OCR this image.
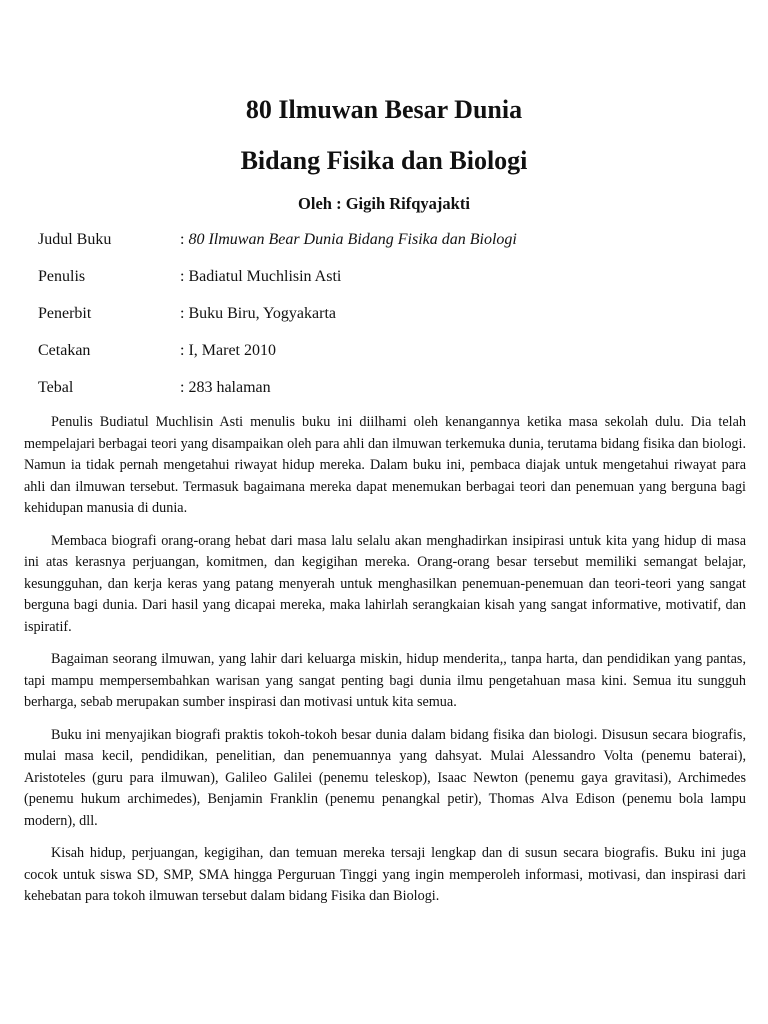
80 Ilmuwan Besar Dunia
Bidang Fisika dan Biologi
Oleh : Gigih Rifqyajakti
Judul Buku	: 80 Ilmuwan Bear Dunia Bidang Fisika dan Biologi
Penulis	: Badiatul Muchlisin Asti
Penerbit	: Buku Biru, Yogyakarta
Cetakan	: I, Maret 2010
Tebal	: 283 halaman

Penulis Budiatul Muchlisin Asti menulis buku ini diilhami oleh kenangannya ketika masa sekolah dulu. Dia telah mempelajari berbagai teori yang disampaikan oleh para ahli dan ilmuwan terkemuka dunia, terutama bidang fisika dan biologi. Namun ia tidak pernah mengetahui riwayat hidup mereka. Dalam buku ini, pembaca diajak untuk mengetahui riwayat para ahli dan ilmuwan tersebut. Termasuk bagaimana mereka dapat menemukan berbagai teori dan penemuan yang berguna bagi kehidupan manusia di dunia.

Membaca biografi orang-orang hebat dari masa lalu selalu akan menghadirkan insipirasi untuk kita yang hidup di masa ini atas kerasnya perjuangan, komitmen, dan kegigihan mereka. Orang-orang besar tersebut memiliki semangat belajar, kesungguhan, dan kerja keras yang patang menyerah untuk menghasilkan penemuan-penemuan dan teori-teori yang sangat berguna bagi dunia. Dari hasil yang dicapai mereka, maka lahirlah serangkaian kisah yang sangat informative, motivatif, dan ispiratif.

Bagaiman seorang ilmuwan, yang lahir dari keluarga miskin, hidup menderita,, tanpa harta, dan pendidikan yang pantas, tapi mampu mempersembahkan warisan yang sangat penting bagi dunia ilmu pengetahuan masa kini. Semua itu sungguh berharga, sebab merupakan sumber inspirasi dan motivasi untuk kita semua.

Buku ini menyajikan biografi praktis tokoh-tokoh besar dunia dalam bidang fisika dan biologi. Disusun secara biografis, mulai masa kecil, pendidikan, penelitian, dan penemuannya yang dahsyat. Mulai Alessandro Volta (penemu baterai), Aristoteles (guru para ilmuwan), Galileo Galilei (penemu teleskop), Isaac Newton (penemu gaya gravitasi), Archimedes (penemu hukum archimedes), Benjamin Franklin (penemu penangkal petir), Thomas Alva Edison (penemu bola lampu modern), dll.

Kisah hidup, perjuangan, kegigihan, dan temuan mereka tersaji lengkap dan di susun secara biografis. Buku ini juga cocok untuk siswa SD, SMP, SMA hingga Perguruan Tinggi yang ingin memperoleh informasi, motivasi, dan inspirasi dari kehebatan para tokoh ilmuwan tersebut dalam bidang Fisika dan Biologi.
